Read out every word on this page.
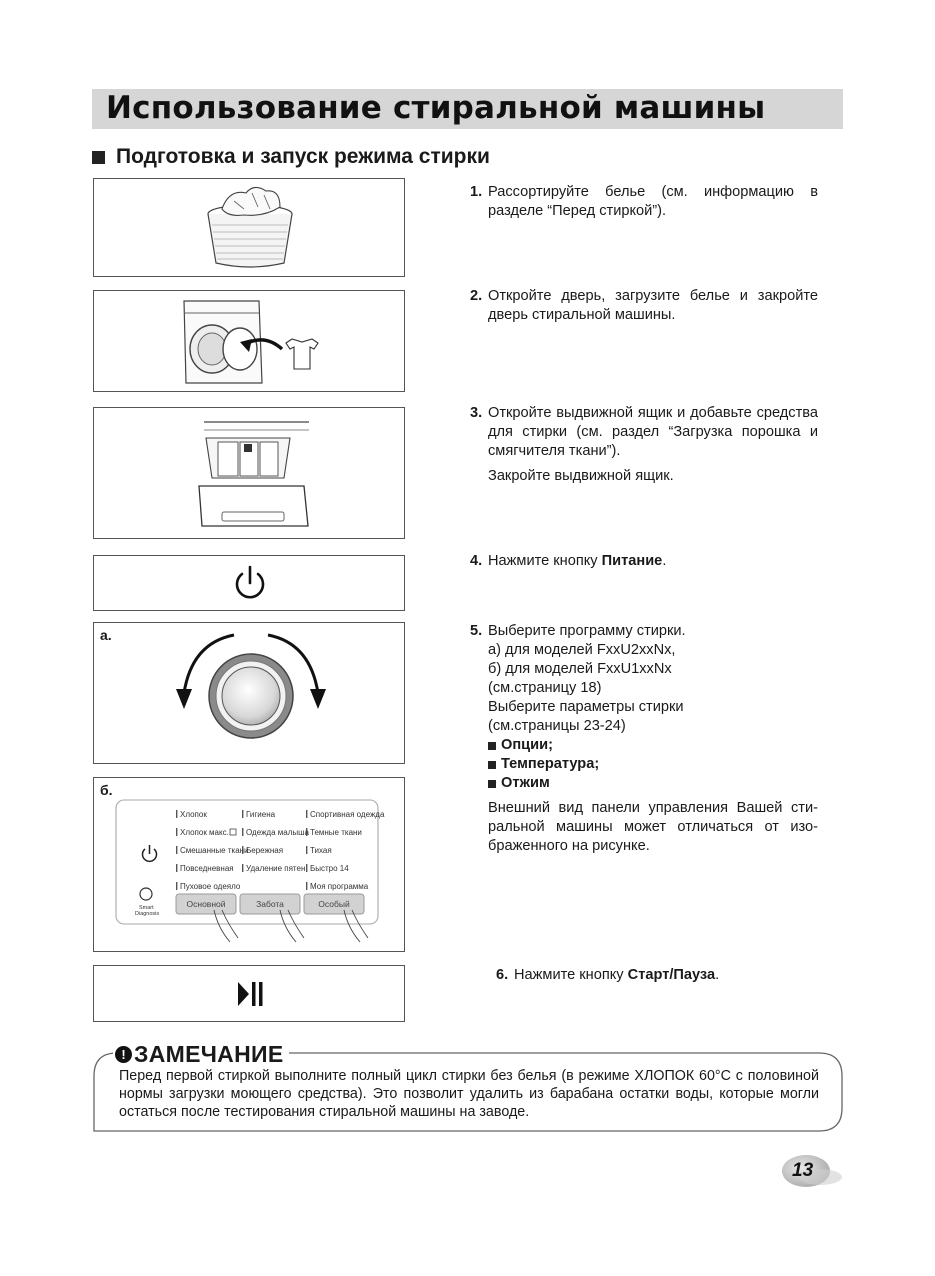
Использование стиральной машины
Подготовка и запуск режима стирки
а.
б.
Smart
Diagnosis
Хлопок
Хлопок макс.
Смешанные ткани
Повседневная
Пуховое одеяло
Гигиена
Одежда малыша
Бережная
Удаление пятен
Спортивная одежда
Темные ткани
Тихая
Быстро 14
Моя программа
Основной	Забота	Особый
1. Рассортируйте белье (см. информацию в разделе “Перед стиркой”).

2. Откройте дверь, загрузите белье и закройте дверь стиральной машины.

3. Откройте выдвижной ящик и добавьте средства для стирки (см. раздел “Загрузка порошка и смягчителя ткани”).

Закройте выдвижной ящик.

4. Нажмите кнопку Питание.

5. Выберите программу стирки.

а) для моделей FxxU2xxNx,

б) для моделей FxxU1xxNx

(см.страницу 18)

Выберите параметры стирки

(см.страницы 23-24)

Опции;
Температура;
Отжим

Внешний вид панели управления Вашей сти-ральной машины может отличаться от изо-браженного на рисунке.

6. Нажмите кнопку Старт/Пауза.

! ЗАМЕЧАНИЕ
Перед первой стиркой выполните полный цикл стирки без белья (в режиме ХЛОПОК 60°C с половиной нормы загрузки моющего средства). Это позволит удалить из барабана остатки воды, которые могли остаться после тестирования стиральной машины на заводе.
13
